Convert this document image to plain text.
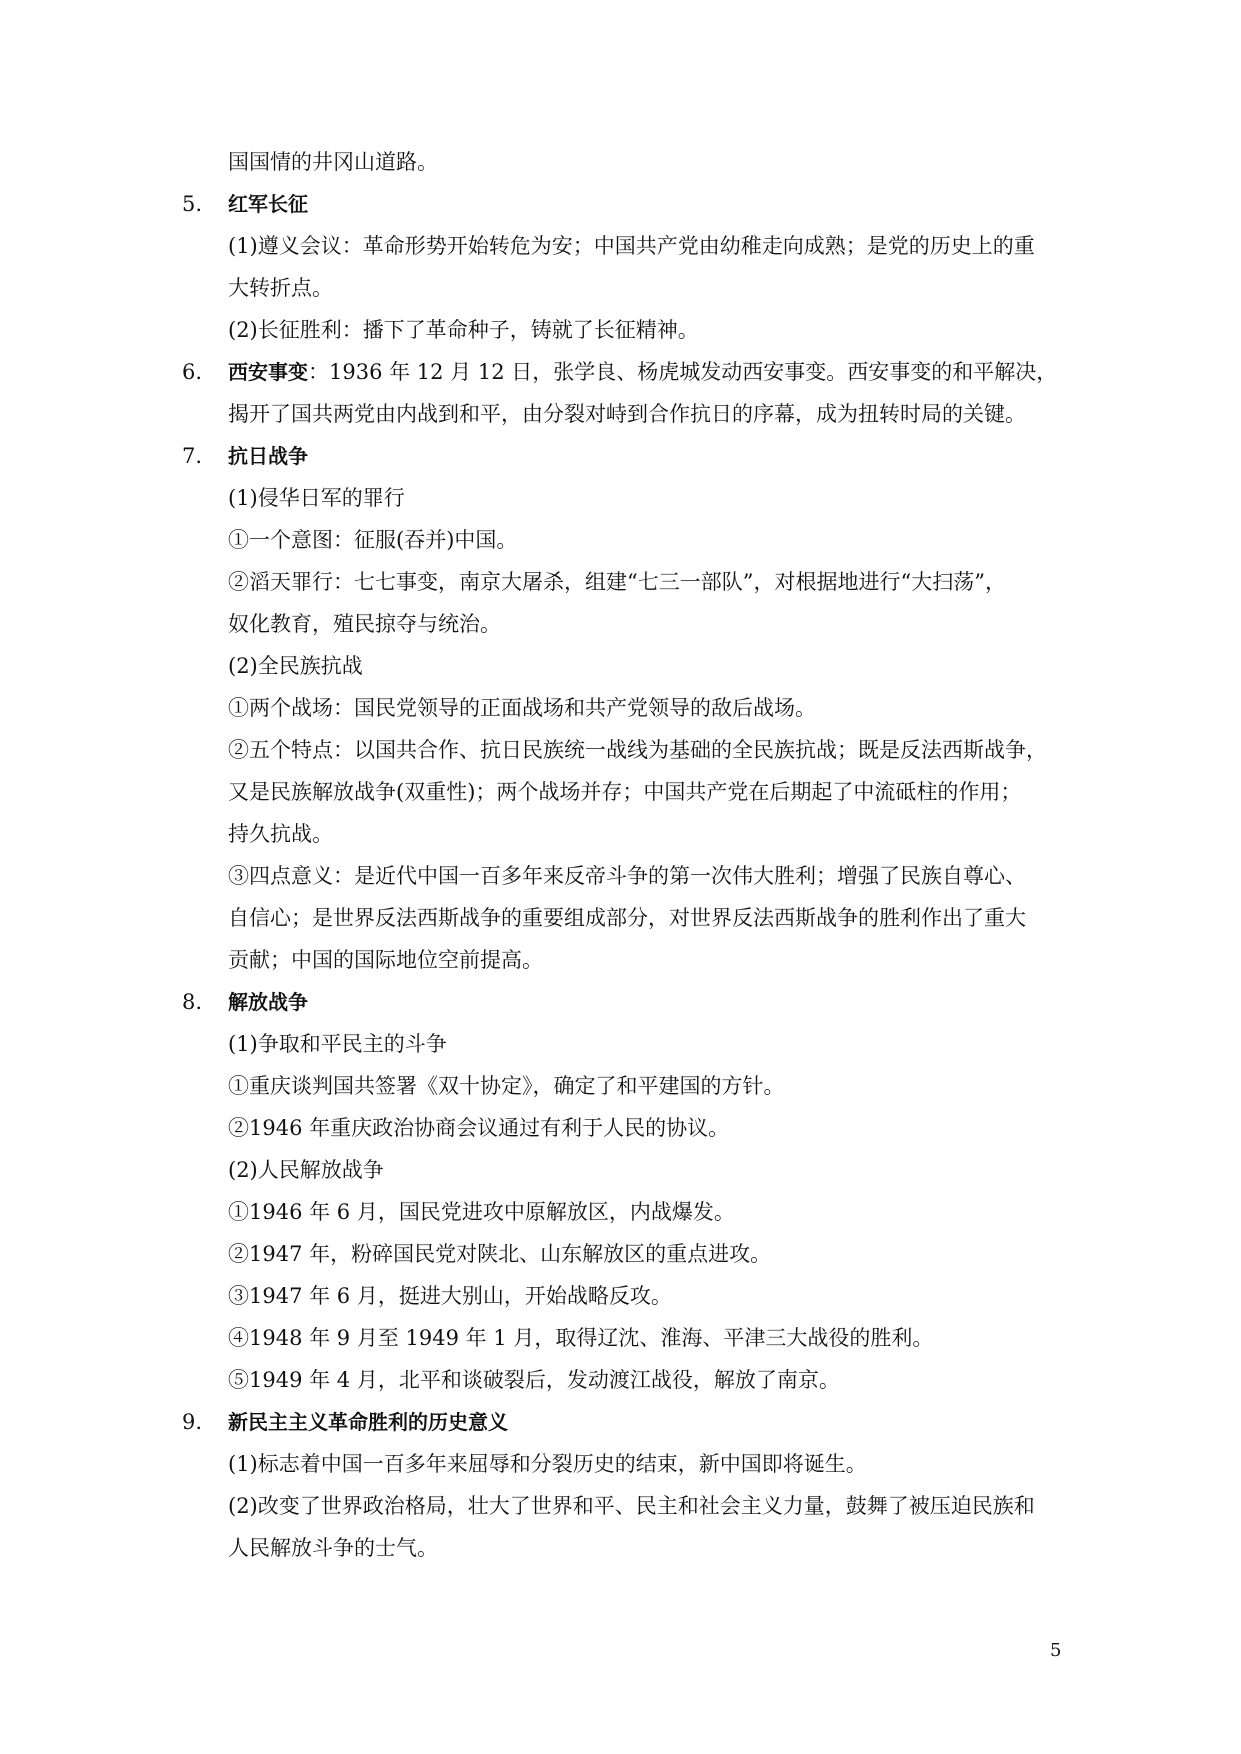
国国情的井冈山道路。
5. 红军长征
(1)遵义会议：革命形势开始转危为安；中国共产党由幼稚走向成熟；是党的历史上的重
大转折点。
(2)长征胜利：播下了革命种子，铸就了长征精神。
6. 西安事变：1936 年 12 月 12 日，张学良、杨虎城发动西安事变。西安事变的和平解决，
揭开了国共两党由内战到和平，由分裂对峙到合作抗日的序幕，成为扭转时局的关键。
7. 抗日战争
(1)侵华日军的罪行
①一个意图：征服(吞并)中国。
②滔天罪行：七七事变，南京大屠杀，组建“七三一部队”，对根据地进行“大扫荡”，
奴化教育，殖民掠夺与统治。
(2)全民族抗战
①两个战场：国民党领导的正面战场和共产党领导的敌后战场。
②五个特点：以国共合作、抗日民族统一战线为基础的全民族抗战；既是反法西斯战争，
又是民族解放战争(双重性)；两个战场并存；中国共产党在后期起了中流砥柱的作用；
持久抗战。
③四点意义：是近代中国一百多年来反帝斗争的第一次伟大胜利；增强了民族自尊心、
自信心；是世界反法西斯战争的重要组成部分，对世界反法西斯战争的胜利作出了重大
贡献；中国的国际地位空前提高。
8. 解放战争
(1)争取和平民主的斗争
①重庆谈判国共签署《双十协定》，确定了和平建国的方针。
②1946 年重庆政治协商会议通过有利于人民的协议。
(2)人民解放战争
①1946 年 6 月，国民党进攻中原解放区，内战爆发。
②1947 年，粉碎国民党对陕北、山东解放区的重点进攻。
③1947 年 6 月，挺进大别山，开始战略反攻。
④1948 年 9 月至 1949 年 1 月，取得辽沈、淮海、平津三大战役的胜利。
⑤1949 年 4 月，北平和谈破裂后，发动渡江战役，解放了南京。
9. 新民主主义革命胜利的历史意义
(1)标志着中国一百多年来屈辱和分裂历史的结束，新中国即将诞生。
(2)改变了世界政治格局，壮大了世界和平、民主和社会主义力量，鼓舞了被压迫民族和
人民解放斗争的士气。
5
